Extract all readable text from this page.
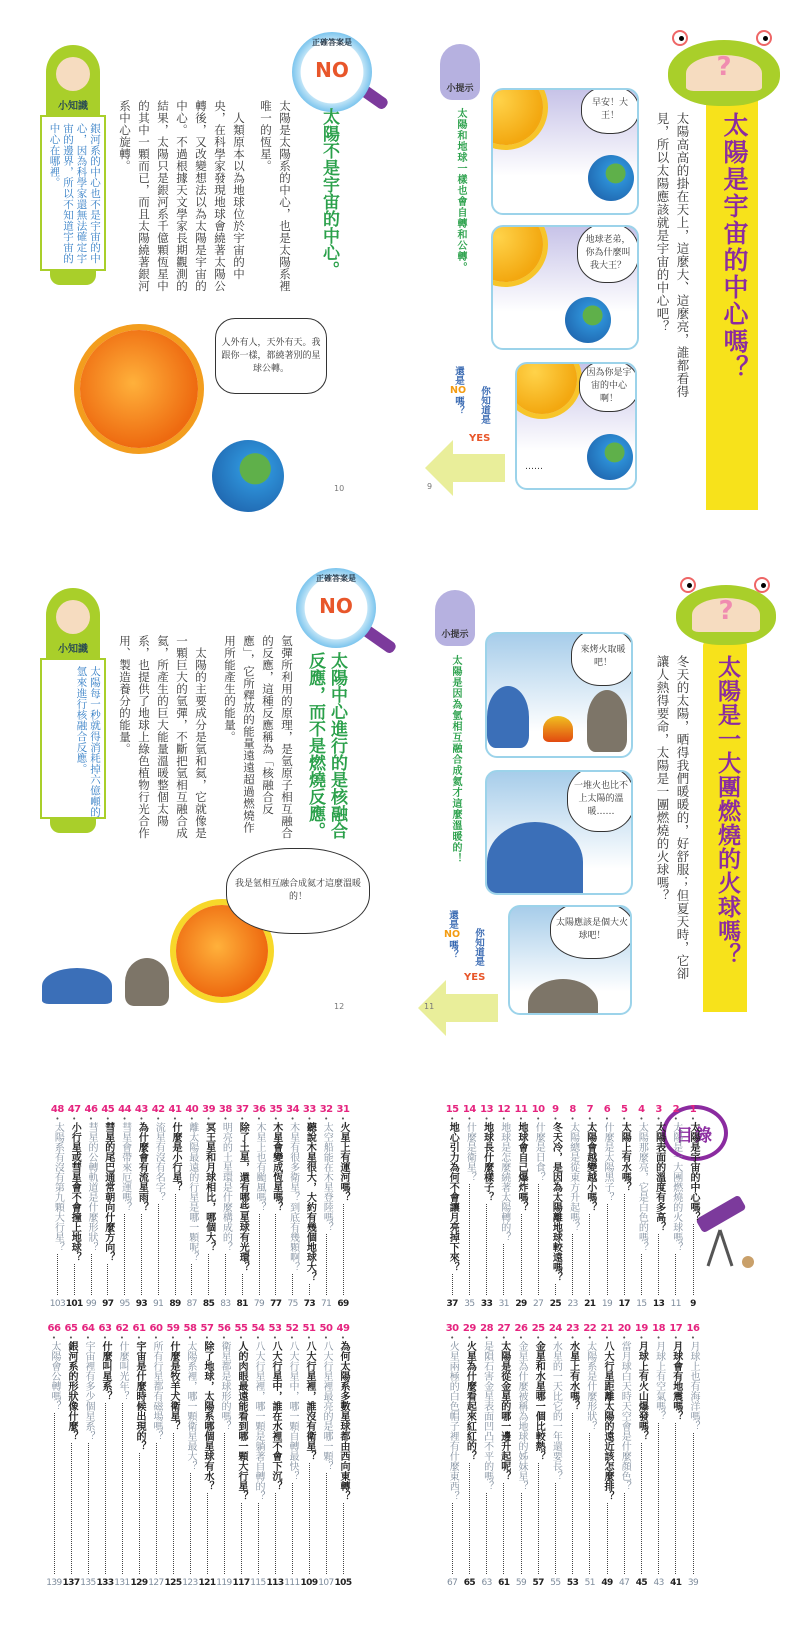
?
太陽是宇宙的中心嗎？
太陽高高的掛在天上，這麼大、這麼亮，誰都看得見，所以太陽應該就是宇宙的中心吧？
早安！大王！
地球老弟，你為什麼叫我大王？
因為你是宇宙的中心啊！
……
小提示
太陽和地球一樣也會自轉和公轉。
還是NO嗎？ 你知道是
YES
9
正確答案是
NO
太陽不是宇宙的中心。
太陽是太陽系的中心，也是太陽系裡唯一的恆星。
　人類原本以為地球位於宇宙的中央，在科學家發現地球會繞著太陽公轉後，又改變想法以為太陽是宇宙的中心。不過根據天文學家長期觀測的結果，太陽只是銀河系千億顆恆星中的其中一顆而已，而且太陽繞著銀河系中心旋轉。
小知識
銀河系的中心也不是宇宙的中心，因為科學家還無法確定宇宙的邊界，所以不知道宇宙的中心在哪裡。
人外有人，天外有天。我跟你一樣，都繞著別的星球公轉。
10
?
太陽是一大團燃燒的火球嗎？
冬天的太陽，晒得我們暖暖的，好舒服；但夏天時，它卻讓人熱得要命，太陽是一團燃燒的火球嗎？
來烤火取暖吧！
一堆火也比不上太陽的溫暖……
太陽應該是個大火球吧！
小提示
太陽是因為氫相互融合成氦才這麼溫暖的！
還是NO嗎？ 你知道是
YES
11
正確答案是
NO
太陽中心進行的是核融合反應，而不是燃燒反應。
氫彈所利用的原理，是氫原子相互融合的反應，這種反應稱為「核融合反應」，它所釋放的能量遠遠超過燃燒作用所能產生的能量。
　太陽的主要成分是氫和氦，它就像是一顆巨大的氫彈，不斷把氫相互融合成氦，所產生的巨大能量溫暖整個太陽系，也提供了地球上綠色植物行光合作用、製造養分的能量。
小知識
太陽每一秒就得消耗掉六億噸的氫來進行核融合反應。
我是氫相互融合成氦才這麼溫暖的！
12
目錄
1
•
太陽是宇宙的中心嗎？
9
2
•
太陽是一大團燃燒的火球嗎？
11
3
•
太陽表面的溫度有多高？
13
4
•
太陽那麼亮，它是白色的嗎？
15
5
•
太陽上有水嗎？
17
6
•
什麼是太陽黑子？
19
7
•
太陽會越變越小嗎？
21
8
•
太陽總是從東方升起嗎？
23
9
•
冬天冷，是因為太陽離地球較遠嗎？
25
10
•
什麼是日食？
27
11
•
地球會自己爆炸嗎？
29
12
•
地球是怎麼繞著太陽轉的？
31
13
•
地球長什麼樣子？
33
14
•
什麼是衛星？
35
15
•
地心引力為何不會讓月亮掉下來？
37
16
•
月球上也有海洋嗎？
39
17
•
月球會有地震嗎？
41
18
•
月球上有空氣嗎？
43
19
•
月球上有火山爆發嗎？
45
20
•
當月球白天時天空會是什麼顏色？
47
21
•
八大行星距離太陽的遠近該怎麼排？
49
22
•
太陽系是什麼形狀？
51
23
•
水星上有水嗎？
53
24
•
水星的一天比它的一年還要長？
55
25
•
金星和水星哪一個比較熱？
57
26
•
金星為什麼被稱為地球的姊妹星？
59
27
•
太陽是從金星的哪一邊升起呢？
61
28
•
是隕石害金星表面凹凸不平的嗎？
63
29
•
火星為什麼看起來紅紅的？
65
30
•
火星兩極的白色帽子裡有什麼東西？
67
31
•
火星上有運河嗎？
69
32
•
太空船能在木星登陸嗎？
71
33
•
聽說木星很大，大約有幾個地球大？
73
34
•
木星有很多衛星？到底有幾顆啊？
75
35
•
木星會變成恆星嗎？
77
36
•
木星上也有颱風嗎？
79
37
•
除了土星，還有哪些星球有光環？
81
38
•
明亮的土星環是什麼構成的？
83
39
•
冥王星和月球相比，哪個大？
85
40
•
離太陽最遠的行星是哪一顆呢？
87
41
•
什麼是小行星？
89
42
•
流星有沒有名字？
91
43
•
為什麼會有流星雨？
93
44
•
彗星會帶來厄運嗎？
95
45
•
彗星的尾巴通常朝向什麼方向？
97
46
•
彗星的公轉軌道是什麼形狀？
99
47
•
小行星或彗星會不會撞上地球？
101
48
•
太陽系有沒有第九顆大行星？
103
49
•
為何太陽系多數星球都由西向東轉？
105
50
•
八大行星裡最亮的是哪一顆？
107
51
•
八大行星裡，誰沒有衛星？
109
52
•
八大行星中，哪一顆自轉最快？
111
53
•
八大行星中，誰在水裡不會下沉？
113
54
•
八大行星裡，哪一顆是躺著自轉的？
115
55
•
人的肉眼最遠能看到哪一顆大行星？
117
56
•
衛星都是球形的嗎？
119
57
•
除了地球，太陽系哪個星球有水？
121
58
•
太陽系裡，哪一顆衛星最大？
123
59
•
什麼是牧羊犬衛星？
125
60
•
所有行星都有磁場嗎？
127
61
•
宇宙是什麼時候出現的？
129
62
•
什麼叫光年？
131
63
•
什麼叫星系？
133
64
•
宇宙裡有多少個星系？
135
65
•
銀河系的形狀像什麼？
137
66
•
太陽會公轉嗎？
139
